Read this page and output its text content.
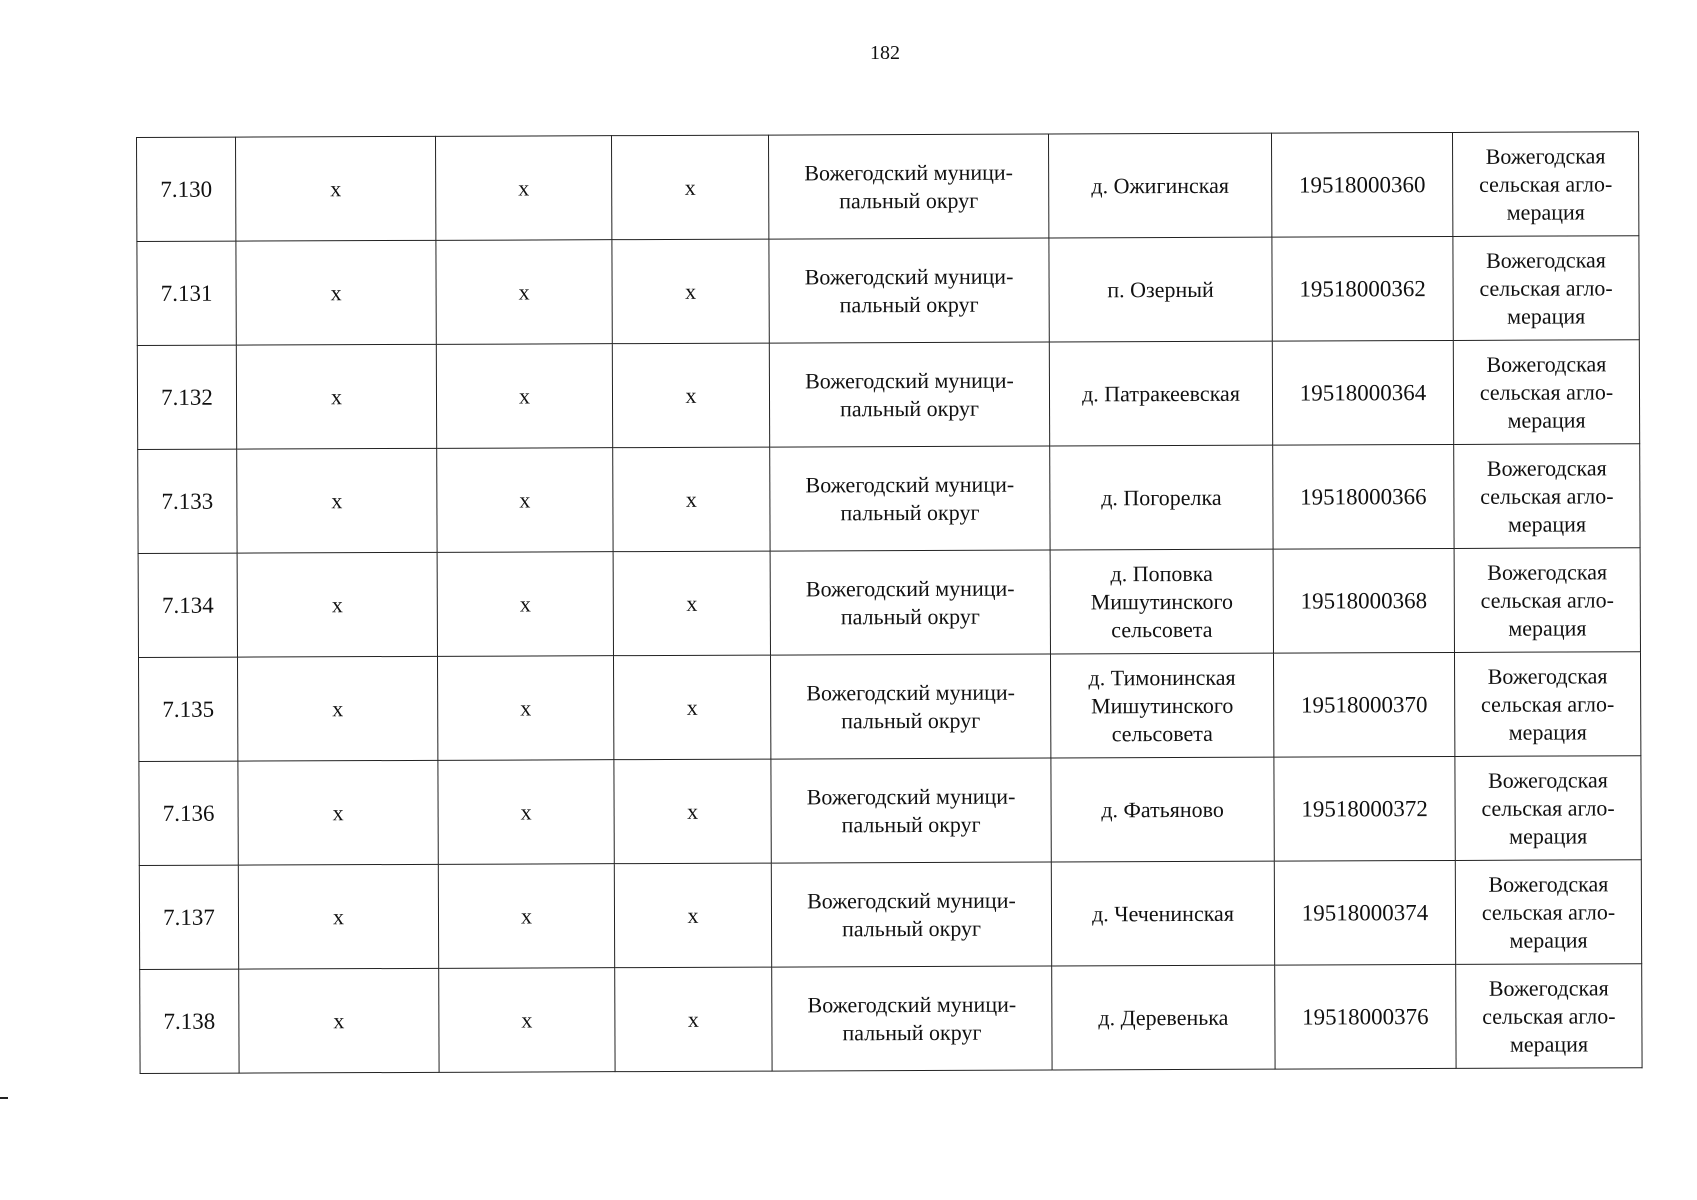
182
7.130	х	х	х	Вожегодский муници-пальный округ	д. Ожигинская	19518000360	Вожегодская сельская агло-мерация
7.131	х	х	х	Вожегодский муници-пальный округ	п. Озерный	19518000362	Вожегодская сельская агло-мерация
7.132	х	х	х	Вожегодский муници-пальный округ	д. Патракеевская	19518000364	Вожегодская сельская агло-мерация
7.133	х	х	х	Вожегодский муници-пальный округ	д. Погорелка	19518000366	Вожегодская сельская агло-мерация
7.134	х	х	х	Вожегодский муници-пальный округ	д. Поповка Мишутинского сельсовета	19518000368	Вожегодская сельская агло-мерация
7.135	х	х	х	Вожегодский муници-пальный округ	д. Тимонинская Мишутинского сельсовета	19518000370	Вожегодская сельская агло-мерация
7.136	х	х	х	Вожегодский муници-пальный округ	д. Фатьяново	19518000372	Вожегодская сельская агло-мерация
7.137	х	х	х	Вожегодский муници-пальный округ	д. Чеченинская	19518000374	Вожегодская сельская агло-мерация
7.138	х	х	х	Вожегодский муници-пальный округ	д. Деревенька	19518000376	Вожегодская сельская агло-мерация
